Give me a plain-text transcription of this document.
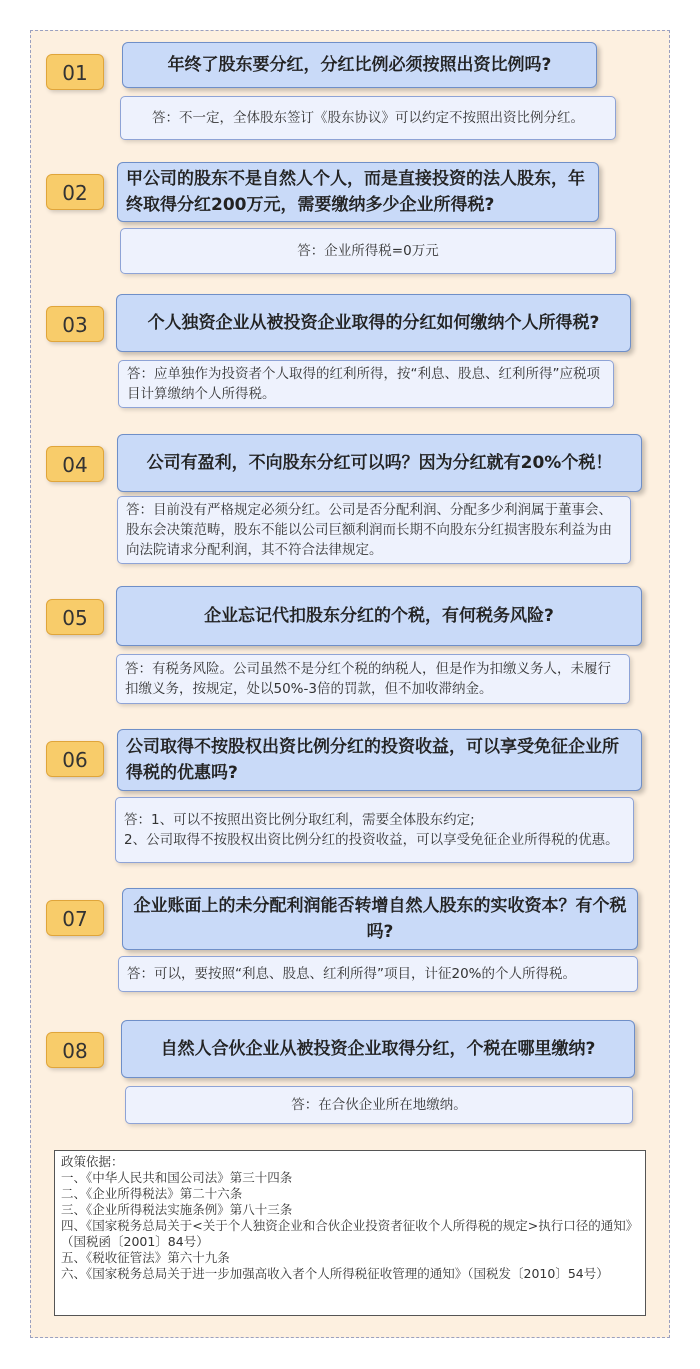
01	年终了股东要分红，分红比例必须按照出资比例吗?
答：不一定，全体股东签订《股东协议》可以约定不按照出资比例分红。
02
甲公司的股东不是自然人个人，而是直接投资的法人股东，年终取得分红200万元，需要缴纳多少企业所得税?
答：企业所得税=0万元
03	个人独资企业从被投资企业取得的分红如何缴纳个人所得税?
答：应单独作为投资者个人取得的红利所得，按“利息、股息、红利所得”应税项目计算缴纳个人所得税。
04	公司有盈利，不向股东分红可以吗？因为分红就有20%个税！
答：目前没有严格规定必须分红。公司是否分配利润、分配多少利润属于董事会、股东会决策范畴，股东不能以公司巨额利润而长期不向股东分红损害股东利益为由向法院请求分配利润，其不符合法律规定。
05	企业忘记代扣股东分红的个税，有何税务风险?
答：有税务风险。公司虽然不是分红个税的纳税人，但是作为扣缴义务人，未履行扣缴义务，按规定，处以50%-3倍的罚款，但不加收滞纳金。
06
公司取得不按股权出资比例分红的投资收益，可以享受免征企业所得税的优惠吗?
答：1、可以不按照出资比例分取红利，需要全体股东约定;
2、公司取得不按股权出资比例分红的投资收益，可以享受免征企业所得税的优惠。
07
企业账面上的未分配利润能否转增自然人股东的实收资本？有个税吗?
答：可以，要按照“利息、股息、红利所得”项目，计征20%的个人所得税。
08	自然人合伙企业从被投资企业取得分红，个税在哪里缴纳?
答：在合伙企业所在地缴纳。
政策依据：
一、《中华人民共和国公司法》第三十四条
二、《企业所得税法》第二十六条
三、《企业所得税法实施条例》第八十三条
四、《国家税务总局关于<关于个人独资企业和合伙企业投资者征收个人所得税的规定>执行口径的通知》（国税函〔2001〕84号）
五、《税收征管法》第六十九条
六、《国家税务总局关于进一步加强高收入者个人所得税征收管理的通知》（国税发〔2010〕54号）
